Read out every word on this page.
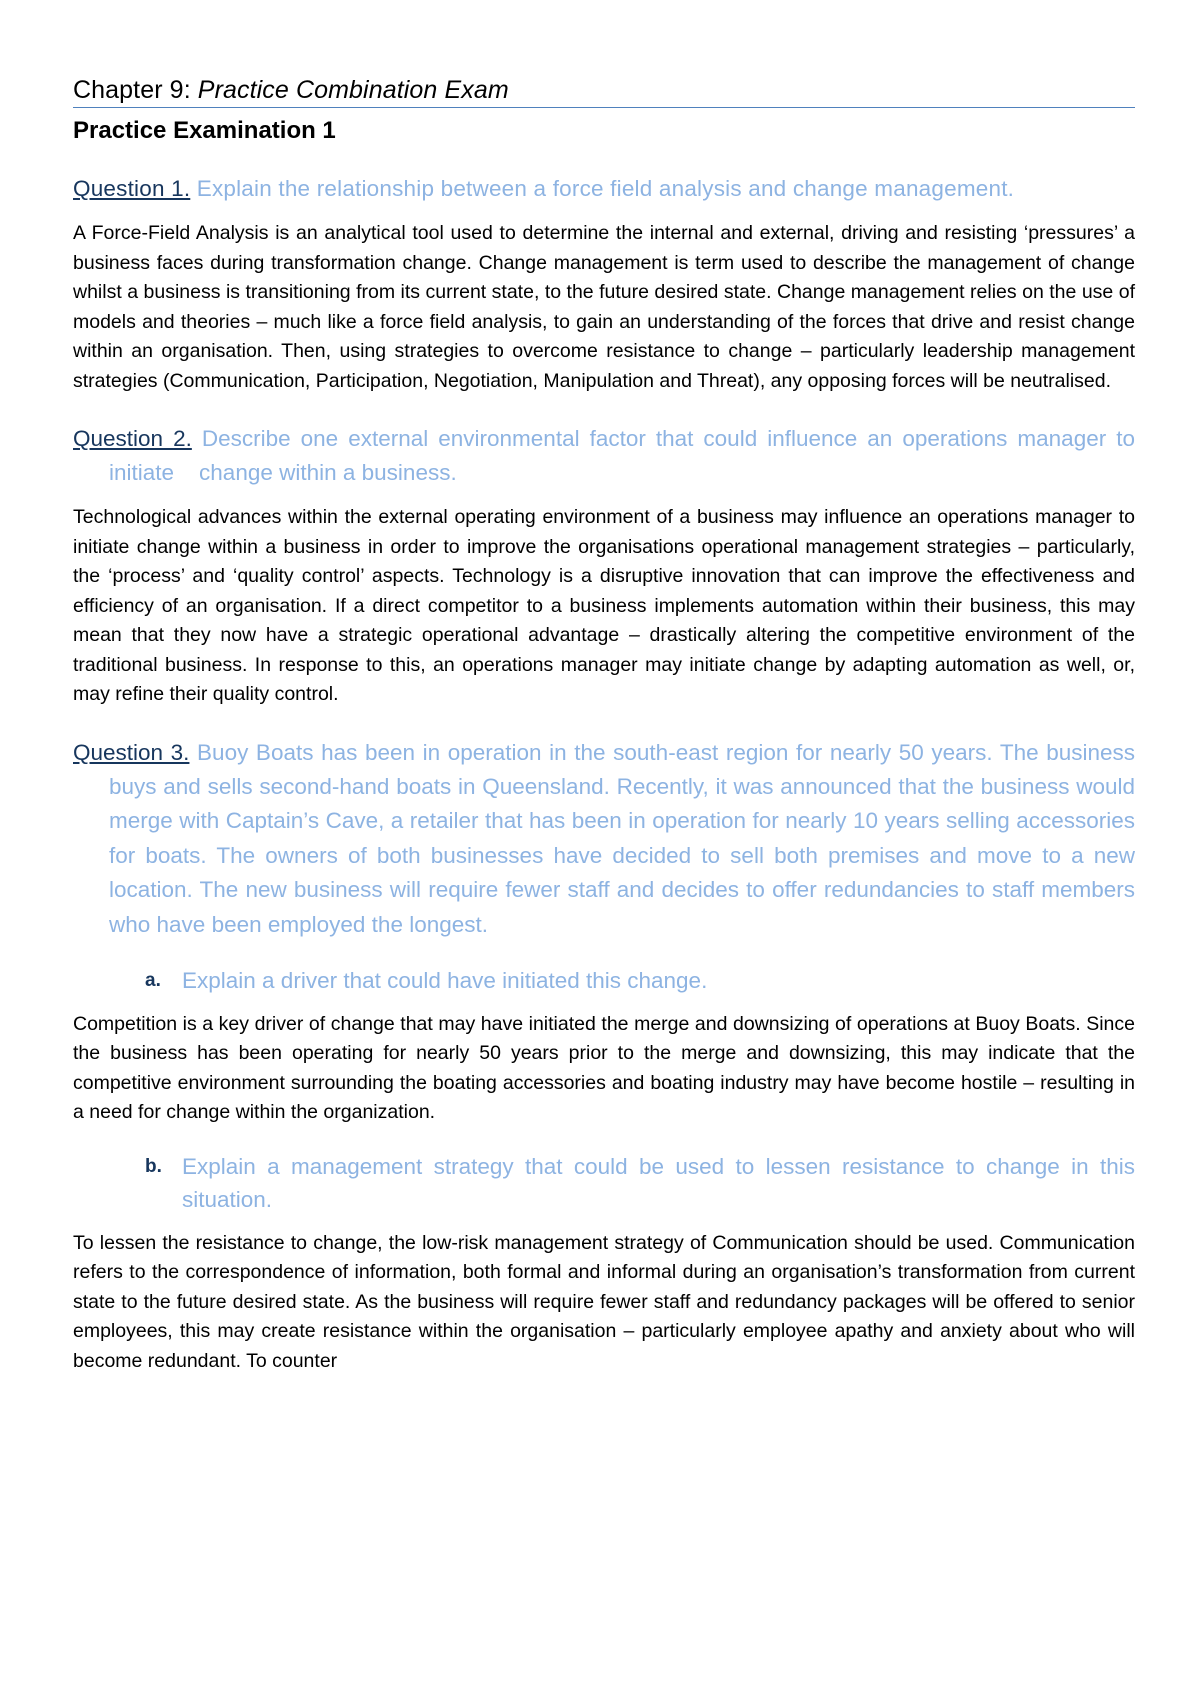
Chapter 9: Practice Combination Exam
Practice Examination 1
Question 1. Explain the relationship between a force field analysis and change management.
A Force-Field Analysis is an analytical tool used to determine the internal and external, driving and resisting ‘pressures’ a business faces during transformation change. Change management is term used to describe the management of change whilst a business is transitioning from its current state, to the future desired state. Change management relies on the use of models and theories – much like a force field analysis, to gain an understanding of the forces that drive and resist change within an organisation. Then, using strategies to overcome resistance to change – particularly leadership management strategies (Communication, Participation, Negotiation, Manipulation and Threat), any opposing forces will be neutralised.
Question 2. Describe one external environmental factor that could influence an operations manager to initiate    change within a business.
Technological advances within the external operating environment of a business may influence an operations manager to initiate change within a business in order to improve the organisations operational management strategies – particularly, the ‘process’ and ‘quality control’ aspects. Technology is a disruptive innovation that can improve the effectiveness and efficiency of an organisation. If a direct competitor to a business implements automation within their business, this may mean that they now have a strategic operational advantage – drastically altering the competitive environment of the traditional business. In response to this, an operations manager may initiate change by adapting automation as well, or, may refine their quality control.
Question 3. Buoy Boats has been in operation in the south-east region for nearly 50 years. The business buys and sells second-hand boats in Queensland. Recently, it was announced that the business would merge with Captain’s Cave, a retailer that has been in operation for nearly 10 years selling accessories for boats. The owners of both businesses have decided to sell both premises and move to a new location. The new business will require fewer staff and decides to offer redundancies to staff members who have been employed the longest.
a. Explain a driver that could have initiated this change.
Competition is a key driver of change that may have initiated the merge and downsizing of operations at Buoy Boats. Since the business has been operating for nearly 50 years prior to the merge and downsizing, this may indicate that the competitive environment surrounding the boating accessories and boating industry may have become hostile – resulting in a need for change within the organization.
b. Explain a management strategy that could be used to lessen resistance to change in this situation.
To lessen the resistance to change, the low-risk management strategy of Communication should be used. Communication refers to the correspondence of information, both formal and informal during an organisation’s transformation from current state to the future desired state. As the business will require fewer staff and redundancy packages will be offered to senior employees, this may create resistance within the organisation – particularly employee apathy and anxiety about who will become redundant. To counter
